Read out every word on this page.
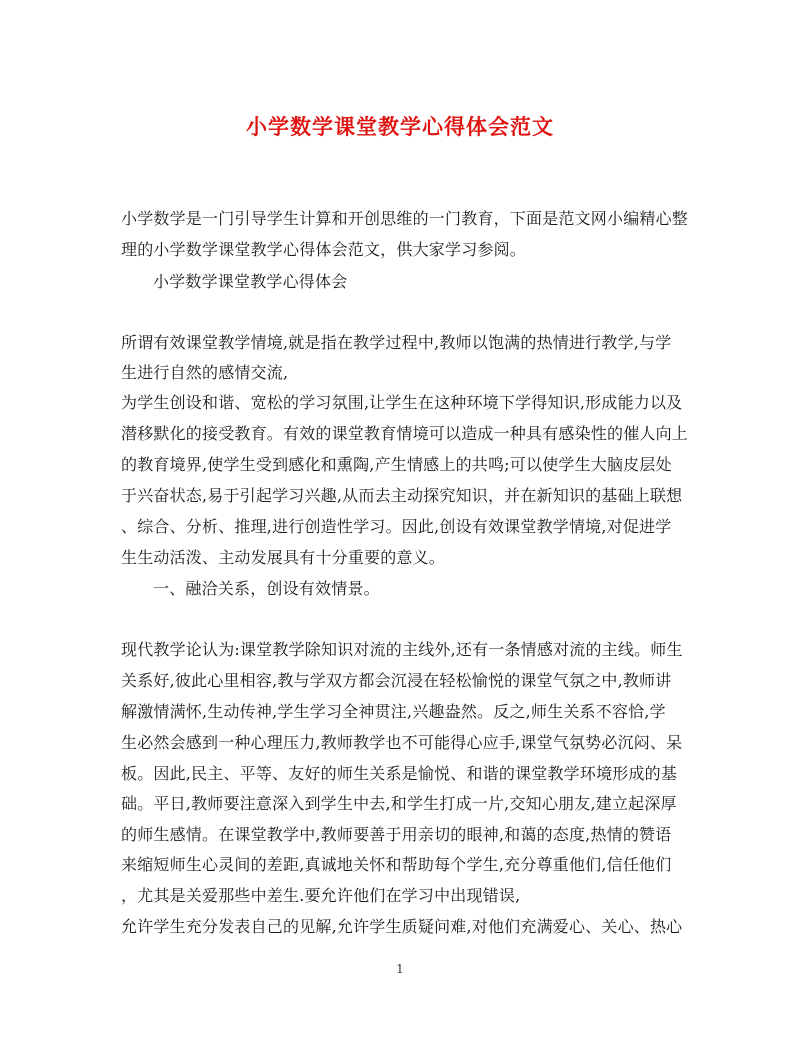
小学数学课堂教学心得体会范文
小学数学是一门引导学生计算和开创思维的一门教育，下面是范文网小编精心整
理的小学数学课堂教学心得体会范文，供大家学习参阅。
小学数学课堂教学心得体会
所谓有效课堂教学情境,就是指在教学过程中,教师以饱满的热情进行教学,与学
生进行自然的感情交流,
为学生创设和谐、宽松的学习氛围,让学生在这种环境下学得知识,形成能力以及
潜移默化的接受教育。有效的课堂教育情境可以造成一种具有感染性的催人向上
的教育境界,使学生受到感化和熏陶,产生情感上的共鸣;可以使学生大脑皮层处
于兴奋状态,易于引起学习兴趣,从而去主动探究知识，并在新知识的基础上联想
、综合、分析、推理,进行创造性学习。因此,创设有效课堂教学情境,对促进学
生生动活泼、主动发展具有十分重要的意义。
一、融洽关系，创设有效情景。
现代教学论认为:课堂教学除知识对流的主线外,还有一条情感对流的主线。师生
关系好,彼此心里相容,教与学双方都会沉浸在轻松愉悦的课堂气氛之中,教师讲
解激情满怀,生动传神,学生学习全神贯注,兴趣盎然。反之,师生关系不容恰,学
生必然会感到一种心理压力,教师教学也不可能得心应手,课堂气氛势必沉闷、呆
板。因此,民主、平等、友好的师生关系是愉悦、和谐的课堂教学环境形成的基
础。平日,教师要注意深入到学生中去,和学生打成一片,交知心朋友,建立起深厚
的师生感情。在课堂教学中,教师要善于用亲切的眼神,和蔼的态度,热情的赞语
来缩短师生心灵间的差距,真诚地关怀和帮助每个学生,充分尊重他们,信任他们
，尤其是关爱那些中差生.要允许他们在学习中出现错误,
允许学生充分发表自己的见解,允许学生质疑问难,对他们充满爱心、关心、热心
1
